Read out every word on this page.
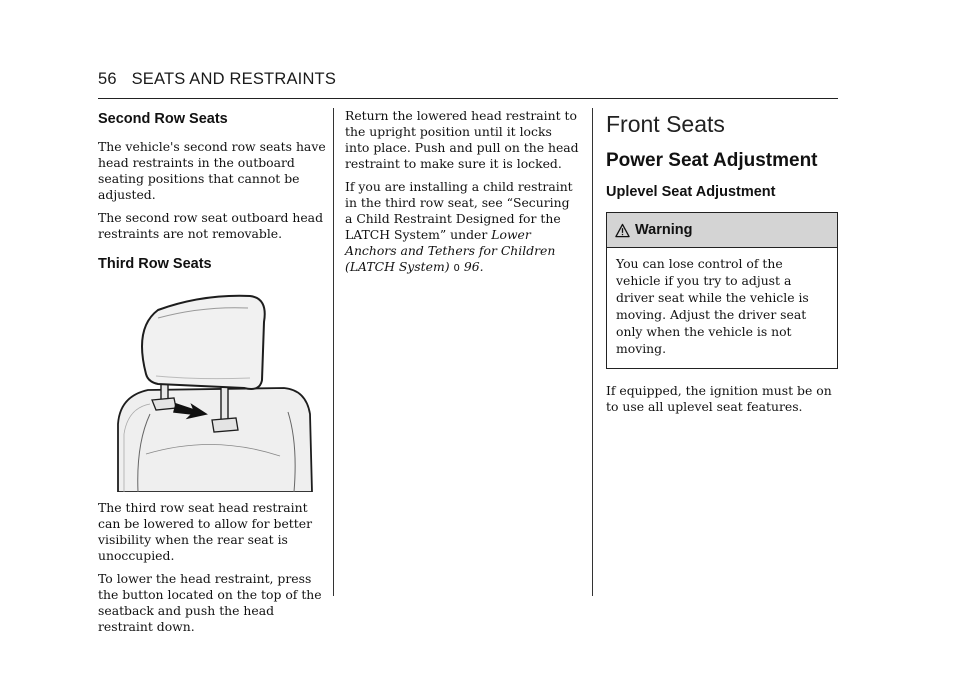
56 SEATS AND RESTRAINTS
Second Row Seats

The vehicle's second row seats have head restraints in the outboard seating positions that cannot be adjusted.

The second row seat outboard head restraints are not removable.

Third Row Seats

The third row seat head restraint can be lowered to allow for better visibility when the rear seat is unoccupied.

To lower the head restraint, press the button located on the top of the seatback and push the head restraint down.

Return the lowered head restraint to the upright position until it locks into place. Push and pull on the head restraint to make sure it is locked.

If you are installing a child restraint in the third row seat, see “Securing a Child Restraint Designed for the LATCH System” under Lower Anchors and Tethers for Children (LATCH System) 0 96.

Front Seats
Power Seat Adjustment
Uplevel Seat Adjustment
Warning

You can lose control of the vehicle if you try to adjust a driver seat while the vehicle is moving. Adjust the driver seat only when the vehicle is not moving.

If equipped, the ignition must be on to use all uplevel seat features.
